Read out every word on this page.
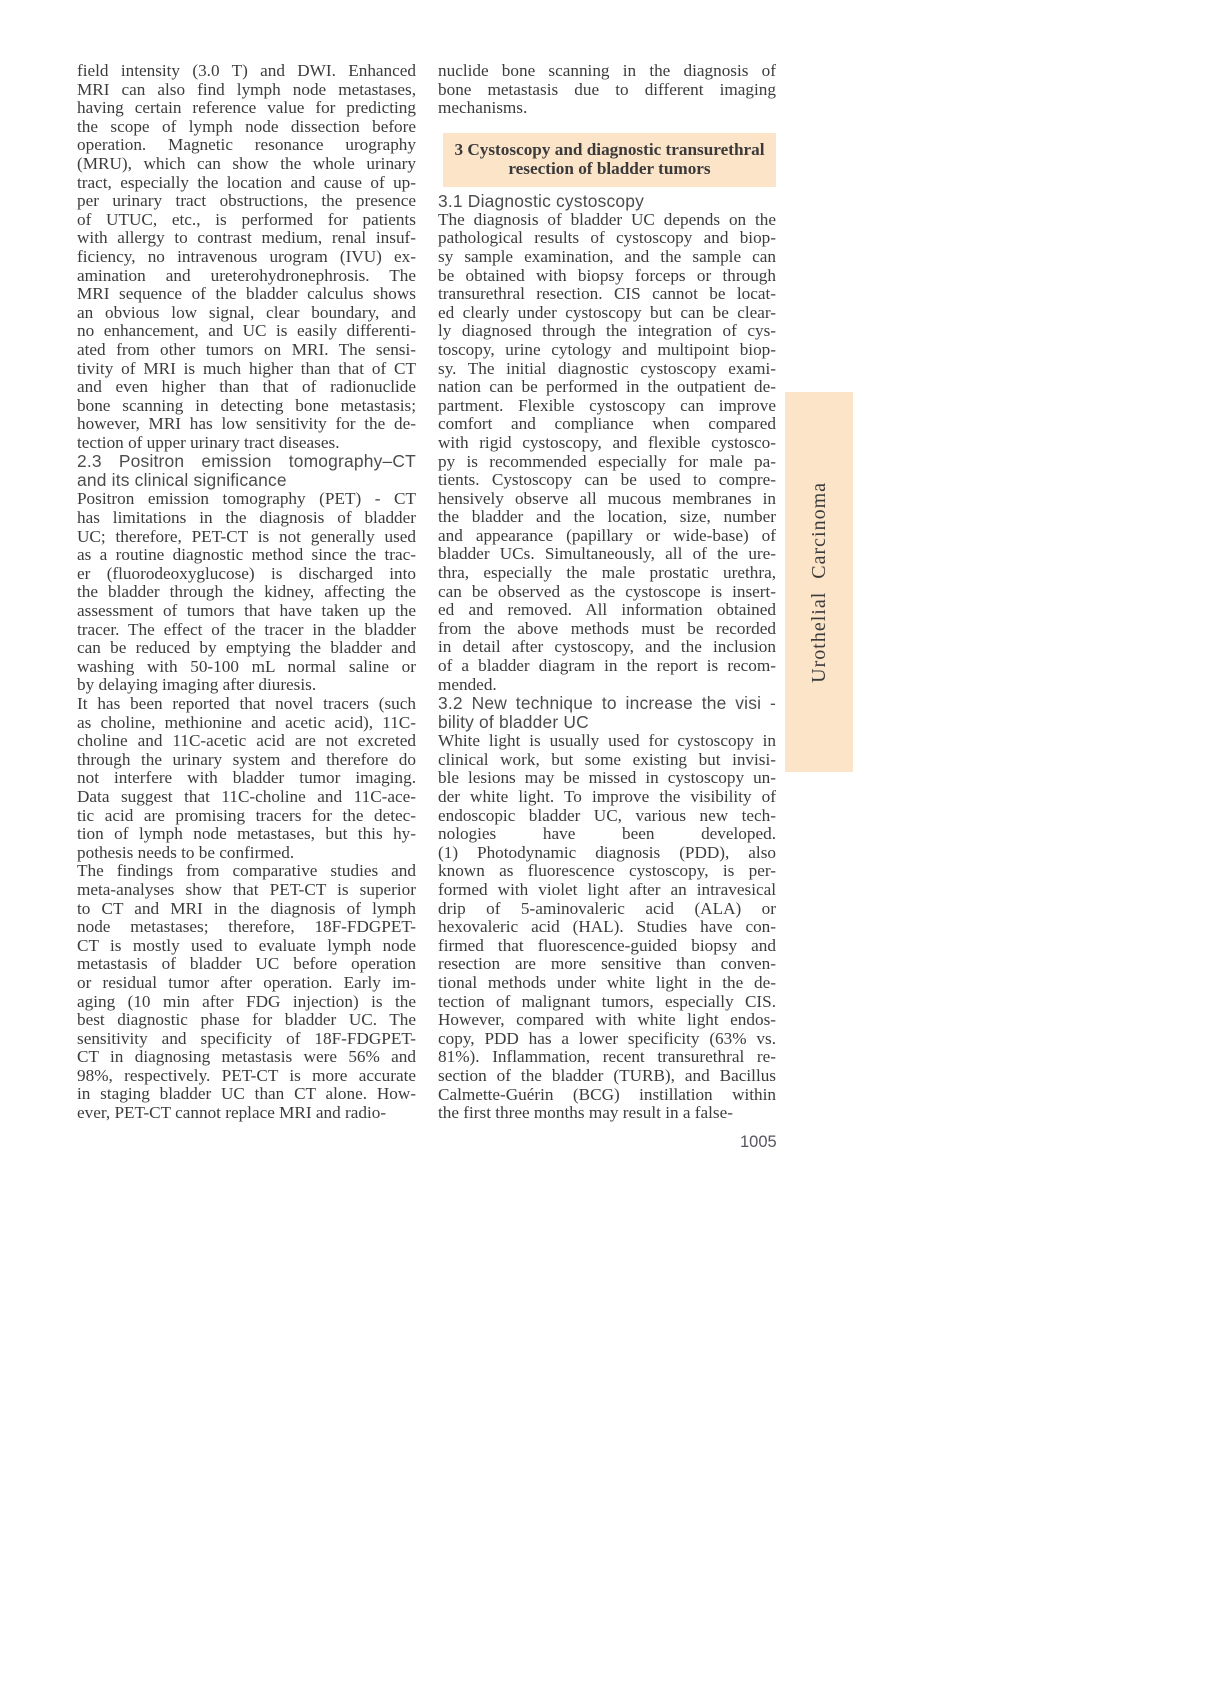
field intensity (3.0 T) and DWI. Enhanced
MRI can also find lymph node metastases,
having certain reference value for predicting
the scope of lymph node dissection before
operation. Magnetic resonance urography
(MRU), which can show the whole urinary
tract, especially the location and cause of up-
per urinary tract obstructions, the presence
of UTUC, etc., is performed for patients
with allergy to contrast medium, renal insuf-
ficiency, no intravenous urogram (IVU) ex-
amination and ureterohydronephrosis. The
MRI sequence of the bladder calculus shows
an obvious low signal, clear boundary, and
no enhancement, and UC is easily differenti-
ated from other tumors on MRI. The sensi-
tivity of MRI is much higher than that of CT
and even higher than that of radionuclide
bone scanning in detecting bone metastasis;
however, MRI has low sensitivity for the de-
tection of upper urinary tract diseases.
2.3 Positron emission tomography–CT
and its clinical significance
Positron emission tomography (PET) - CT
has limitations in the diagnosis of bladder
UC; therefore, PET-CT is not generally used
as a routine diagnostic method since the trac-
er (fluorodeoxyglucose) is discharged into
the bladder through the kidney, affecting the
assessment of tumors that have taken up the
tracer. The effect of the tracer in the bladder
can be reduced by emptying the bladder and
washing with 50-100 mL normal saline or
by delaying imaging after diuresis.
It has been reported that novel tracers (such
as choline, methionine and acetic acid), 11C-
choline and 11C-acetic acid are not excreted
through the urinary system and therefore do
not interfere with bladder tumor imaging.
Data suggest that 11C-choline and 11C-ace-
tic acid are promising tracers for the detec-
tion of lymph node metastases, but this hy-
pothesis needs to be confirmed.
The findings from comparative studies and
meta-analyses show that PET-CT is superior
to CT and MRI in the diagnosis of lymph
node metastases; therefore, 18F-FDGPET-
CT is mostly used to evaluate lymph node
metastasis of bladder UC before operation
or residual tumor after operation. Early im-
aging (10 min after FDG injection) is the
best diagnostic phase for bladder UC. The
sensitivity and specificity of 18F-FDGPET-
CT in diagnosing metastasis were 56% and
98%, respectively. PET-CT is more accurate
in staging bladder UC than CT alone. How-
ever, PET-CT cannot replace MRI and radio-
nuclide bone scanning in the diagnosis of
bone metastasis due to different imaging
mechanisms.
3 Cystoscopy and diagnostic transurethral
resection of bladder tumors
3.1 Diagnostic cystoscopy
The diagnosis of bladder UC depends on the
pathological results of cystoscopy and biop-
sy sample examination, and the sample can
be obtained with biopsy forceps or through
transurethral resection. CIS cannot be locat-
ed clearly under cystoscopy but can be clear-
ly diagnosed through the integration of cys-
toscopy, urine cytology and multipoint biop-
sy. The initial diagnostic cystoscopy exami-
nation can be performed in the outpatient de-
partment. Flexible cystoscopy can improve
comfort and compliance when compared
with rigid cystoscopy, and flexible cystosco-
py is recommended especially for male pa-
tients. Cystoscopy can be used to compre-
hensively observe all mucous membranes in
the bladder and the location, size, number
and appearance (papillary or wide-base) of
bladder UCs. Simultaneously, all of the ure-
thra, especially the male prostatic urethra,
can be observed as the cystoscope is insert-
ed and removed. All information obtained
from the above methods must be recorded
in detail after cystoscopy, and the inclusion
of a bladder diagram in the report is recom-
mended.
3.2 New technique to increase the visi -
bility of bladder UC
White light is usually used for cystoscopy in
clinical work, but some existing but invisi-
ble lesions may be missed in cystoscopy un-
der white light. To improve the visibility of
endoscopic bladder UC, various new tech-
nologies have been developed.
(1) Photodynamic diagnosis (PDD), also
known as fluorescence cystoscopy, is per-
formed with violet light after an intravesical
drip of 5-aminovaleric acid (ALA) or
hexovaleric acid (HAL). Studies have con-
firmed that fluorescence-guided biopsy and
resection are more sensitive than conven-
tional methods under white light in the de-
tection of malignant tumors, especially CIS.
However, compared with white light endos-
copy, PDD has a lower specificity (63% vs.
81%). Inflammation, recent transurethral re-
section of the bladder (TURB), and Bacillus
Calmette-Guérin (BCG) instillation within
the first three months may result in a false-
Urothelial Carcinoma
1005
